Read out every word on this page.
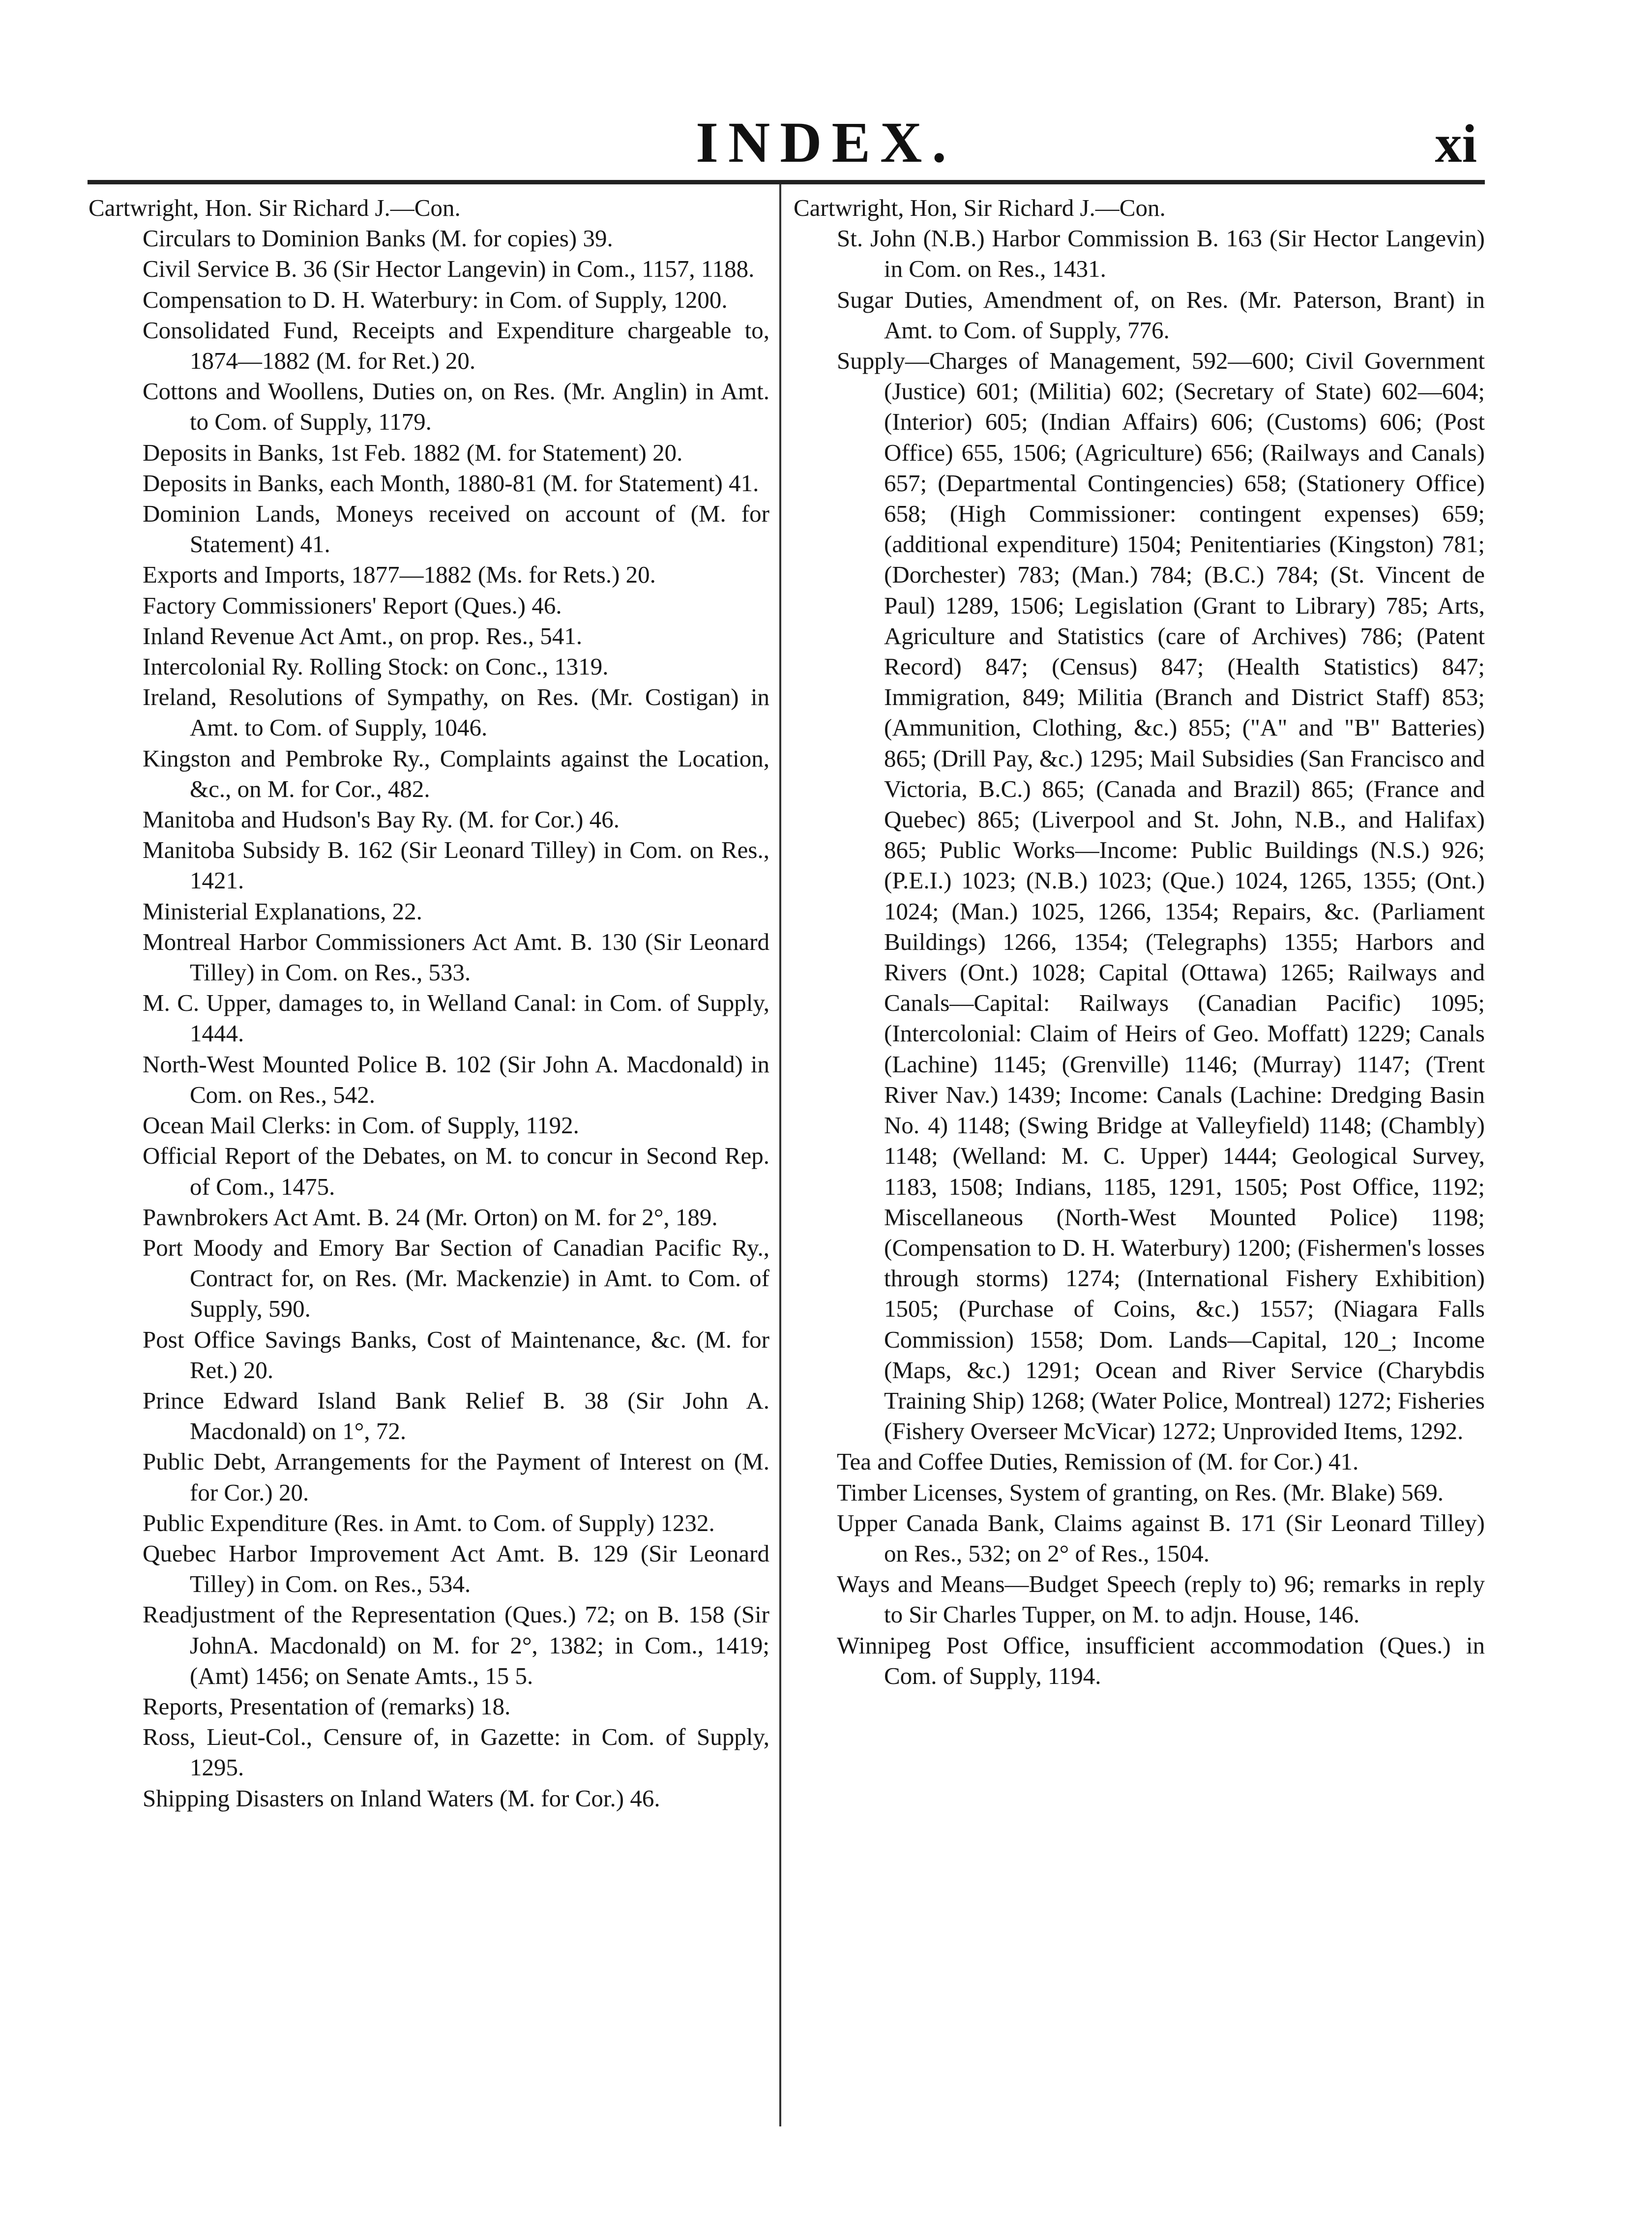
INDEX.	xi

Cartwright, Hon. Sir Richard J.—Con.

Circulars to Dominion Banks (M. for copies) 39.

Civil Service B. 36 (Sir Hector Langevin) in Com., 1157, 1188.

Compensation to D. H. Waterbury: in Com. of Supply, 1200.

Consolidated Fund, Receipts and Expenditure chargeable to, 1874—1882 (M. for Ret.) 20.

Cottons and Woollens, Duties on, on Res. (Mr. Anglin) in Amt. to Com. of Supply, 1179.

Deposits in Banks, 1st Feb. 1882 (M. for Statement) 20.

Deposits in Banks, each Month, 1880-81 (M. for Statement) 41.

Dominion Lands, Moneys received on account of (M. for Statement) 41.

Exports and Imports, 1877—1882 (Ms. for Rets.) 20.

Factory Commissioners' Report (Ques.) 46.

Inland Revenue Act Amt., on prop. Res., 541.

Intercolonial Ry. Rolling Stock: on Conc., 1319.

Ireland, Resolutions of Sympathy, on Res. (Mr. Costigan) in Amt. to Com. of Supply, 1046.

Kingston and Pembroke Ry., Complaints against the Location, &c., on M. for Cor., 482.

Manitoba and Hudson's Bay Ry. (M. for Cor.) 46.

Manitoba Subsidy B. 162 (Sir Leonard Tilley) in Com. on Res., 1421.

Ministerial Explanations, 22.

Montreal Harbor Commissioners Act Amt. B. 130 (Sir Leonard Tilley) in Com. on Res., 533.

M. C. Upper, damages to, in Welland Canal: in Com. of Supply, 1444.

North-West Mounted Police B. 102 (Sir John A. Macdonald) in Com. on Res., 542.

Ocean Mail Clerks: in Com. of Supply, 1192.

Official Report of the Debates, on M. to concur in Second Rep. of Com., 1475.

Pawnbrokers Act Amt. B. 24 (Mr. Orton) on M. for 2°, 189.

Port Moody and Emory Bar Section of Canadian Pacific Ry., Contract for, on Res. (Mr. Mackenzie) in Amt. to Com. of Supply, 590.

Post Office Savings Banks, Cost of Maintenance, &c. (M. for Ret.) 20.

Prince Edward Island Bank Relief B. 38 (Sir John A. Macdonald) on 1°, 72.

Public Debt, Arrangements for the Payment of Interest on (M. for Cor.) 20.

Public Expenditure (Res. in Amt. to Com. of Supply) 1232.

Quebec Harbor Improvement Act Amt. B. 129 (Sir Leonard Tilley) in Com. on Res., 534.

Readjustment of the Representation (Ques.) 72; on B. 158 (Sir JohnA. Macdonald) on M. for 2°, 1382; in Com., 1419; (Amt) 1456; on Senate Amts., 15 5.

Reports, Presentation of (remarks) 18.

Ross, Lieut-Col., Censure of, in Gazette: in Com. of Supply, 1295.

Shipping Disasters on Inland Waters (M. for Cor.) 46.

Cartwright, Hon, Sir Richard J.—Con.

St. John (N.B.) Harbor Commission B. 163 (Sir Hector Langevin) in Com. on Res., 1431.

Sugar Duties, Amendment of, on Res. (Mr. Paterson, Brant) in Amt. to Com. of Supply, 776.

Supply—Charges of Management, 592—600; Civil Government (Justice) 601; (Militia) 602; (Secretary of State) 602—604; (Interior) 605; (Indian Affairs) 606; (Customs) 606; (Post Office) 655, 1506; (Agriculture) 656; (Railways and Canals) 657; (Departmental Contingencies) 658; (Stationery Office) 658; (High Commissioner: contingent expenses) 659; (additional expenditure) 1504; Penitentiaries (Kingston) 781; (Dorchester) 783; (Man.) 784; (B.C.) 784; (St. Vincent de Paul) 1289, 1506; Legislation (Grant to Library) 785; Arts, Agriculture and Statistics (care of Archives) 786; (Patent Record) 847; (Census) 847; (Health Statistics) 847; Immigration, 849; Militia (Branch and District Staff) 853; (Ammunition, Clothing, &c.) 855; ("A" and "B" Batteries) 865; (Drill Pay, &c.) 1295; Mail Subsidies (San Francisco and Victoria, B.C.) 865; (Canada and Brazil) 865; (France and Quebec) 865; (Liverpool and St. John, N.B., and Halifax) 865; Public Works—Income: Public Buildings (N.S.) 926; (P.E.I.) 1023; (N.B.) 1023; (Que.) 1024, 1265, 1355; (Ont.) 1024; (Man.) 1025, 1266, 1354; Repairs, &c. (Parliament Buildings) 1266, 1354; (Telegraphs) 1355; Harbors and Rivers (Ont.) 1028; Capital (Ottawa) 1265; Railways and Canals—Capital: Railways (Canadian Pacific) 1095; (Intercolonial: Claim of Heirs of Geo. Moffatt) 1229; Canals (Lachine) 1145; (Grenville) 1146; (Murray) 1147; (Trent River Nav.) 1439; Income: Canals (Lachine: Dredging Basin No. 4) 1148; (Swing Bridge at Valleyfield) 1148; (Chambly) 1148; (Welland: M. C. Upper) 1444; Geological Survey, 1183, 1508; Indians, 1185, 1291, 1505; Post Office, 1192; Miscellaneous (North-West Mounted Police) 1198; (Compensation to D. H. Waterbury) 1200; (Fishermen's losses through storms) 1274; (International Fishery Exhibition) 1505; (Purchase of Coins, &c.) 1557; (Niagara Falls Commission) 1558; Dom. Lands—Capital, 120_; Income (Maps, &c.) 1291; Ocean and River Service (Charybdis Training Ship) 1268; (Water Police, Montreal) 1272; Fisheries (Fishery Overseer McVicar) 1272; Unprovided Items, 1292.

Tea and Coffee Duties, Remission of (M. for Cor.) 41.

Timber Licenses, System of granting, on Res. (Mr. Blake) 569.

Upper Canada Bank, Claims against B. 171 (Sir Leonard Tilley) on Res., 532; on 2° of Res., 1504.

Ways and Means—Budget Speech (reply to) 96; remarks in reply to Sir Charles Tupper, on M. to adjn. House, 146.

Winnipeg Post Office, insufficient accommodation (Ques.) in Com. of Supply, 1194.
